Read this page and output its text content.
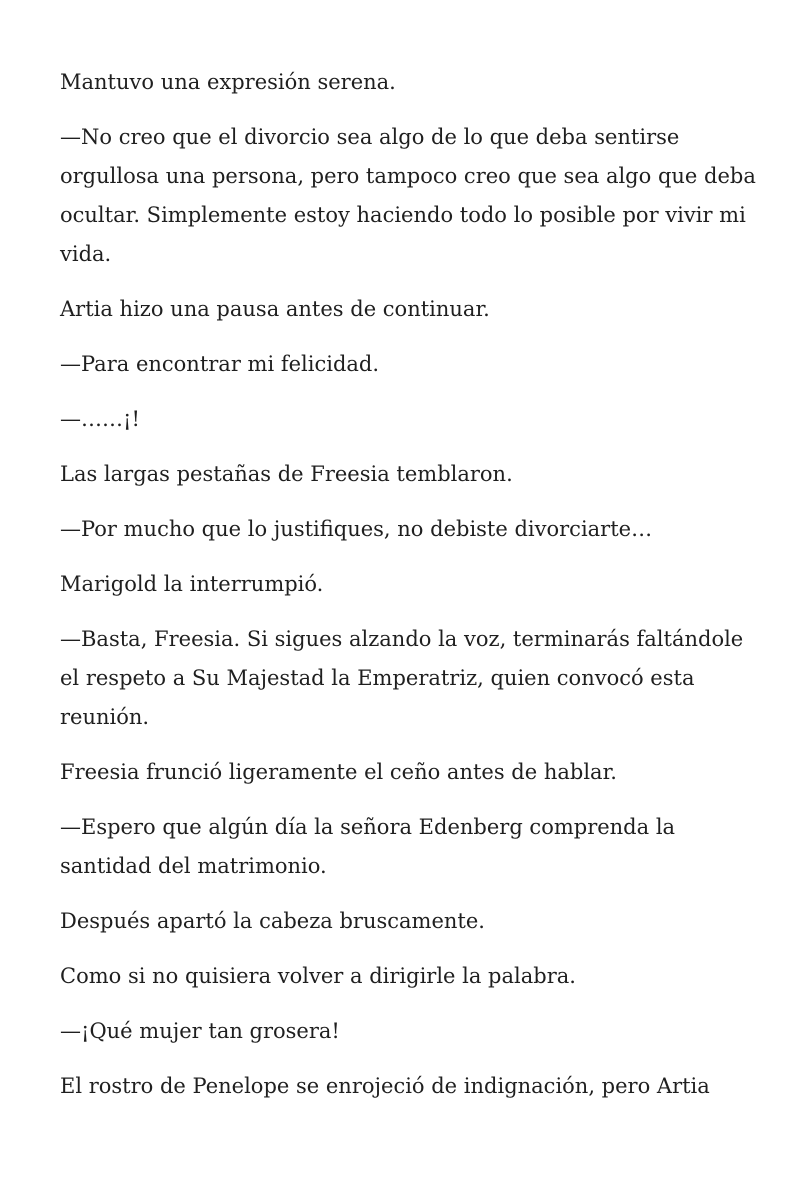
Mantuvo una expresión serena.

—No creo que el divorcio sea algo de lo que deba sentirse orgullosa una persona, pero tampoco creo que sea algo que deba ocultar. Simplemente estoy haciendo todo lo posible por vivir mi vida.

Artia hizo una pausa antes de continuar.

—Para encontrar mi felicidad.

—……¡!

Las largas pestañas de Freesia temblaron.

—Por mucho que lo justifiques, no debiste divorciarte…

Marigold la interrumpió.

—Basta, Freesia. Si sigues alzando la voz, terminarás faltándole el respeto a Su Majestad la Emperatriz, quien convocó esta reunión.

Freesia frunció ligeramente el ceño antes de hablar.

—Espero que algún día la señora Edenberg comprenda la santidad del matrimonio.

Después apartó la cabeza bruscamente.

Como si no quisiera volver a dirigirle la palabra.

—¡Qué mujer tan grosera!

El rostro de Penelope se enrojeció de indignación, pero Artia
